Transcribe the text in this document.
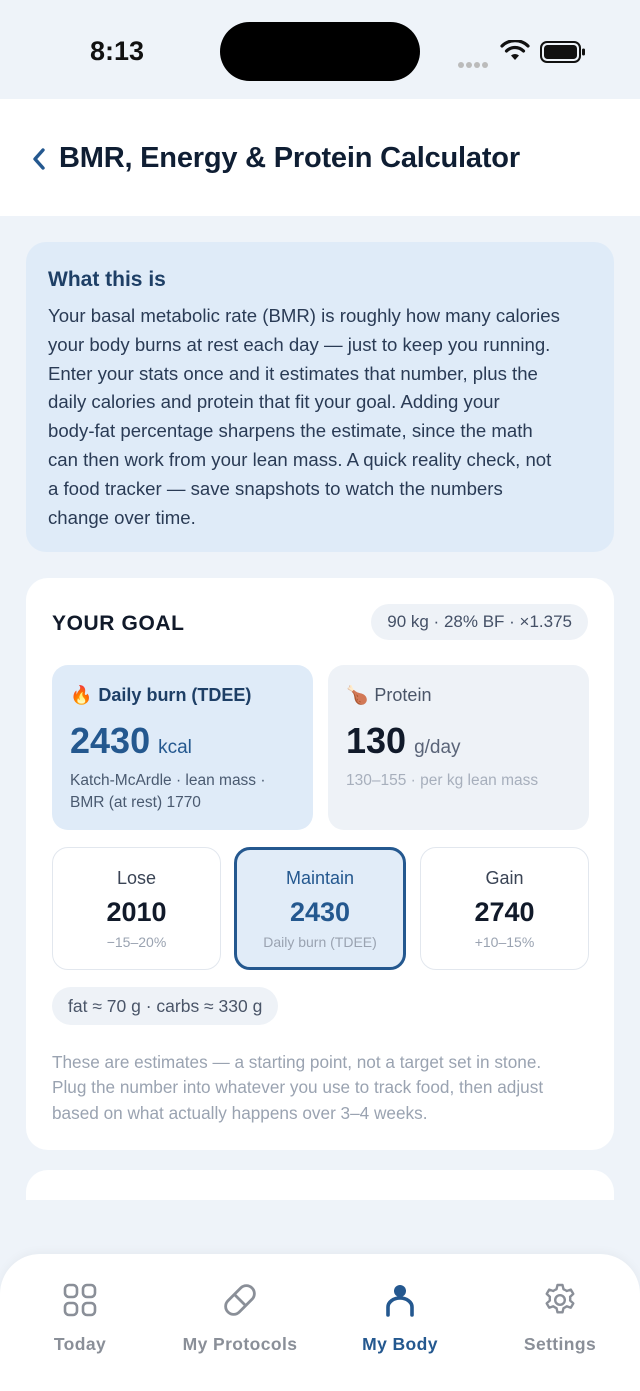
8:13
BMR, Energy & Protein Calculator
What this is
Your basal metabolic rate (BMR) is roughly how many calories
your body burns at rest each day — just to keep you running.
Enter your stats once and it estimates that number, plus the
daily calories and protein that fit your goal. Adding your
body-fat percentage sharpens the estimate, since the math
can then work from your lean mass. A quick reality check, not
a food tracker — save snapshots to watch the numbers
change over time.
YOUR GOAL	90 kg · 28% BF · ×1.375
🔥 Daily burn (TDEE)
2430 kcal
Katch-McArdle · lean mass ·
BMR (at rest) 1770
🍗 Protein
130 g/day
130–155 · per kg lean mass
Lose
2010
−15–20%
Maintain
2430
Daily burn (TDEE)
Gain
2740
+10–15%
fat ≈ 70 g · carbs ≈ 330 g
These are estimates — a starting point, not a target set in stone.
Plug the number into whatever you use to track food, then adjust
based on what actually happens over 3–4 weeks.
Today	My Protocols	My Body	Settings
